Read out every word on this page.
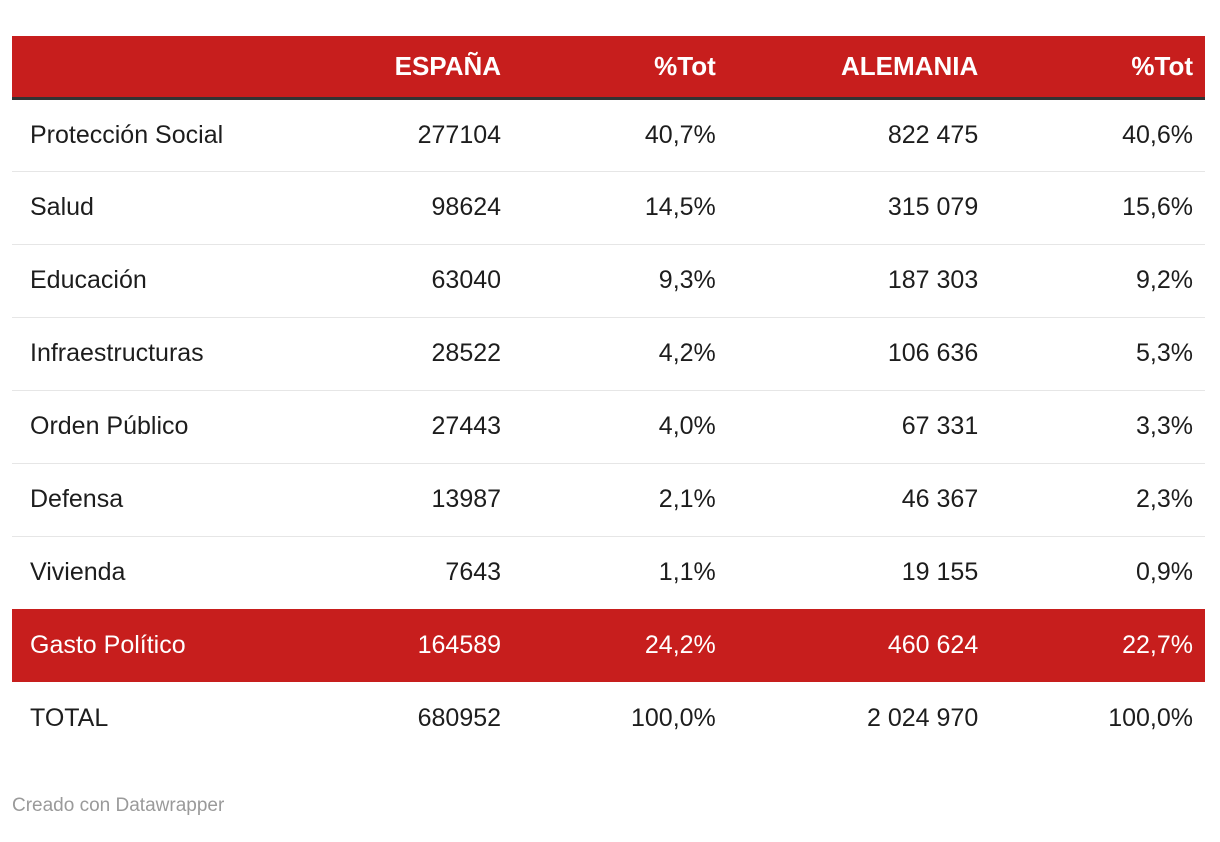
	ESPAÑA	%Tot	ALEMANIA	%Tot
Protección Social	277104	40,7%	822 475	40,6%
Salud	98624	14,5%	315 079	15,6%
Educación	63040	9,3%	187 303	9,2%
Infraestructuras	28522	4,2%	106 636	5,3%
Orden Público	27443	4,0%	67 331	3,3%
Defensa	13987	2,1%	46 367	2,3%
Vivienda	7643	1,1%	19 155	0,9%
Gasto Político	164589	24,2%	460 624	22,7%
TOTAL	680952	100,0%	2 024 970	100,0%
Creado con Datawrapper
